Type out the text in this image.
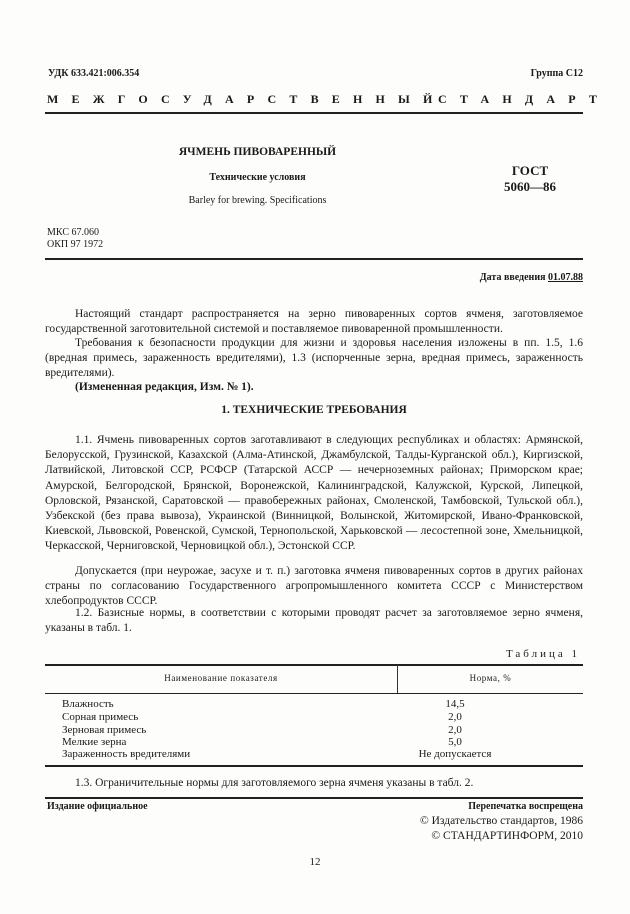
УДК 633.421:006.354	Группа С12
МЕЖГОСУДАРСТВЕННЫЙ
СТАНДАРТ
ЯЧМЕНЬ ПИВОВАРЕННЫЙ
Технические условия
Barley for brewing. Specifications
ГОСТ
5060—86
МКС 67.060
ОКП 97 1972
Дата введения 01.07.88

Настоящий стандарт распространяется на зерно пивоваренных сортов ячменя, заготовляемое государственной заготовительной системой и поставляемое пивоваренной промышленности.

Требования к безопасности продукции для жизни и здоровья населения изложены в пп. 1.5, 1.6 (вредная примесь, зараженность вредителями), 1.3 (испорченные зерна, вредная примесь, зараженность вредителями).

(Измененная редакция, Изм. № 1).

1. ТЕХНИЧЕСКИЕ ТРЕБОВАНИЯ

1.1. Ячмень пивоваренных сортов заготавливают в следующих республиках и областях: Армянской, Белорусской, Грузинской, Казахской (Алма-Атинской, Джамбулской, Талды-Курганской обл.), Киргизской, Латвийской, Литовской ССР, РСФСР (Татарской АССР — нечерноземных районах; Приморском крае; Амурской, Белгородской, Брянской, Воронежской, Калининградской, Калужской, Курской, Липецкой, Орловской, Рязанской, Саратовской — правобережных районах, Смоленской, Тамбовской, Тульской обл.), Узбекской (без права вывоза), Украинской (Винницкой, Волынской, Житомирской, Ивано-Франковской, Киевской, Львовской, Ровенской, Сумской, Тернопольской, Харьковской — лесостепной зоне, Хмельницкой, Черкасской, Черниговской, Черновицкой обл.), Эстонской ССР.

Допускается (при неурожае, засухе и т. п.) заготовка ячменя пивоваренных сортов в других районах страны по согласованию Государственного агропромышленного комитета СССР с Министерством хлебопродуктов СССР.

1.2. Базисные нормы, в соответствии с которыми проводят расчет за заготовляемое зерно ячменя, указаны в табл. 1.

Таблица 1
Наименование показателя	Норма, %
Влажность	14,5
Сорная примесь	2,0
Зерновая примесь	2,0
Мелкие зерна	5,0
Зараженность вредителями	Не допускается

1.3. Ограничительные нормы для заготовляемого зерна ячменя указаны в табл. 2.

Издание официальное	Перепечатка воспрещена
© Издательство стандартов, 1986
© СТАНДАРТИНФОРМ, 2010
12
